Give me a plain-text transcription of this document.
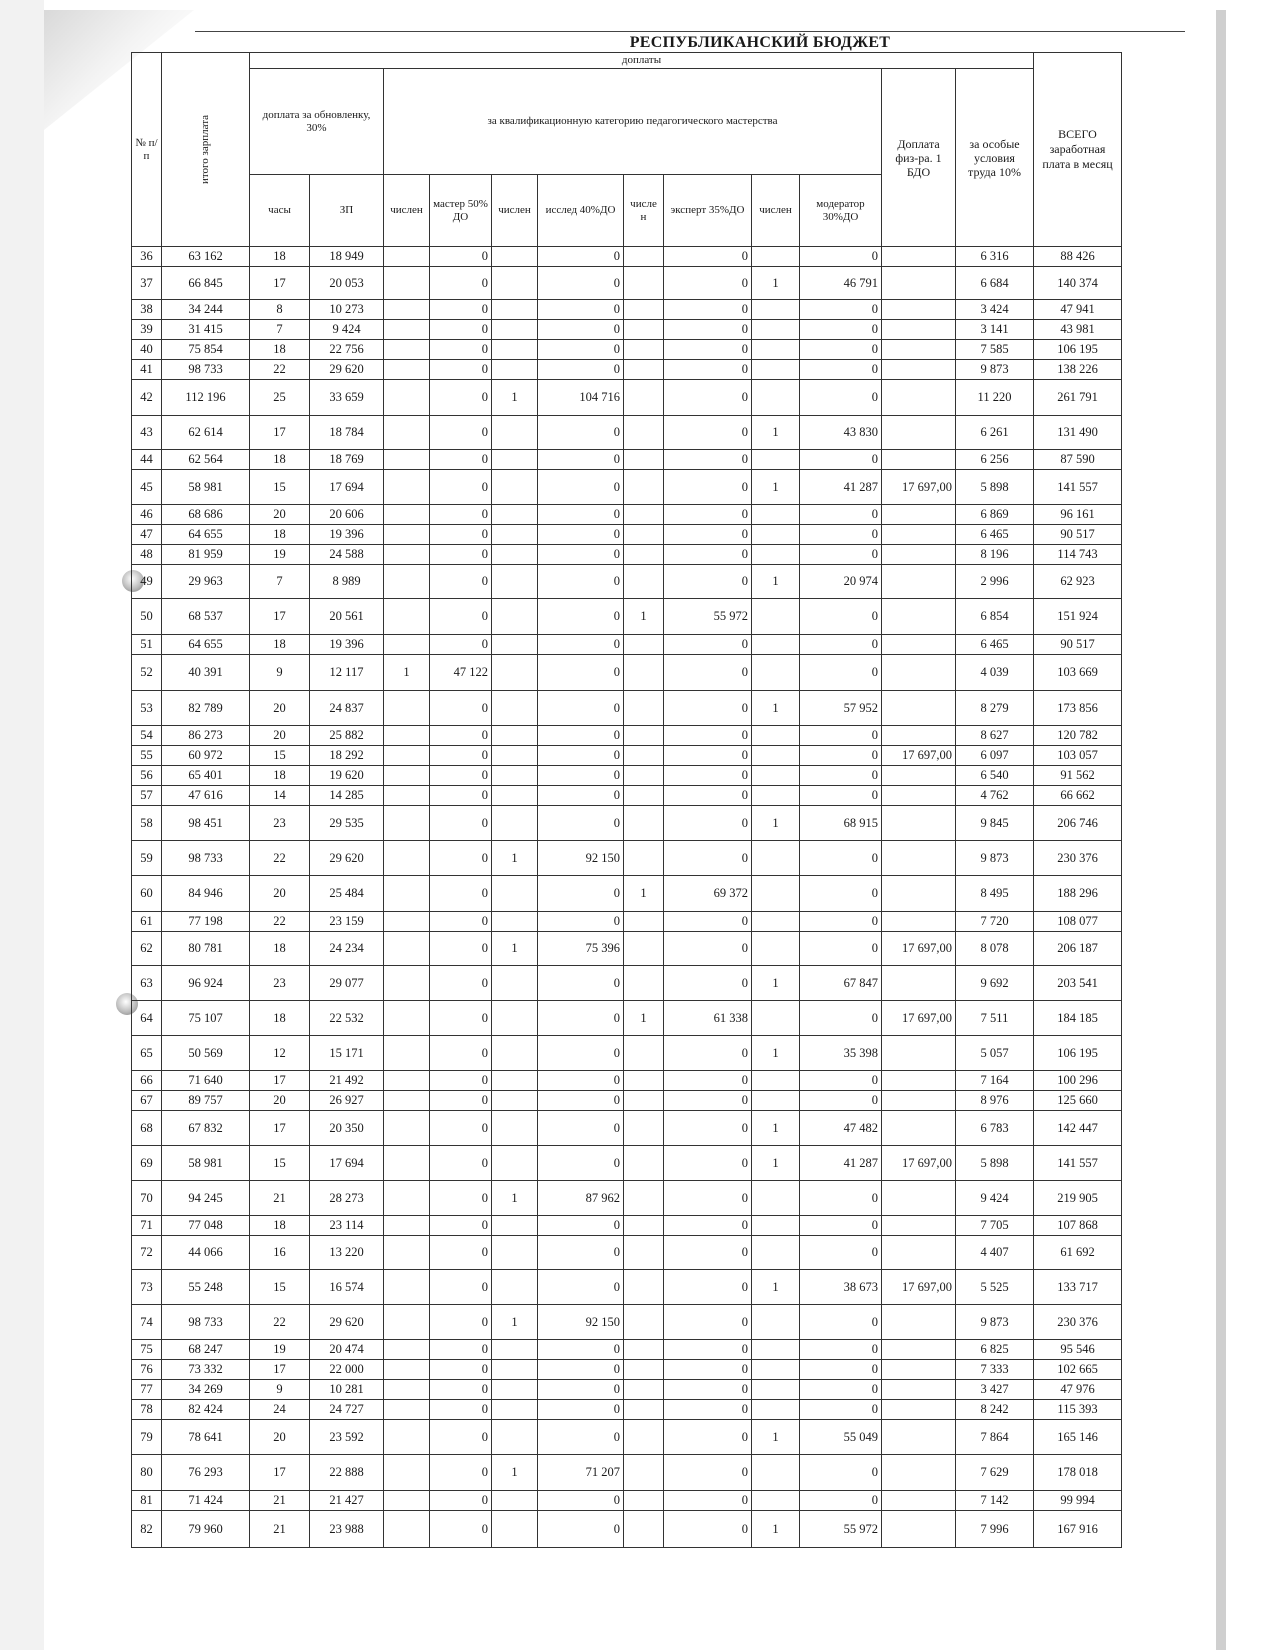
РЕСПУБЛИКАНСКИЙ БЮДЖЕТ
№ п/п	итого зарплата	доплаты												ВСЕГО заработная плата в месяц
		доплата за обновленку, 30%		за квалификационную категорию педагогического мастерства								Доплата физ-ра. 1 БДО	за особые условия труда 10%	
		часы	ЗП	числен	мастер 50% ДО	числен	исслед 40%ДО	числе н	эксперт 35%ДО	числен	модератор 30%ДО			
36	63 162	18	18 949		0		0		0		0		6 316	88 426
37	66 845	17	20 053		0		0		0	1	46 791		6 684	140 374
38	34 244	8	10 273		0		0		0		0		3 424	47 941
39	31 415	7	9 424		0		0		0		0		3 141	43 981
40	75 854	18	22 756		0		0		0		0		7 585	106 195
41	98 733	22	29 620		0		0		0		0		9 873	138 226
42	112 196	25	33 659		0	1	104 716		0		0		11 220	261 791
43	62 614	17	18 784		0		0		0	1	43 830		6 261	131 490
44	62 564	18	18 769		0		0		0		0		6 256	87 590
45	58 981	15	17 694		0		0		0	1	41 287	17 697,00	5 898	141 557
46	68 686	20	20 606		0		0		0		0		6 869	96 161
47	64 655	18	19 396		0		0		0		0		6 465	90 517
48	81 959	19	24 588		0		0		0		0		8 196	114 743
49	29 963	7	8 989		0		0		0	1	20 974		2 996	62 923
50	68 537	17	20 561		0		0	1	55 972		0		6 854	151 924
51	64 655	18	19 396		0		0		0		0		6 465	90 517
52	40 391	9	12 117	1	47 122		0		0		0		4 039	103 669
53	82 789	20	24 837		0		0		0	1	57 952		8 279	173 856
54	86 273	20	25 882		0		0		0		0		8 627	120 782
55	60 972	15	18 292		0		0		0		0	17 697,00	6 097	103 057
56	65 401	18	19 620		0		0		0		0		6 540	91 562
57	47 616	14	14 285		0		0		0		0		4 762	66 662
58	98 451	23	29 535		0		0		0	1	68 915		9 845	206 746
59	98 733	22	29 620		0	1	92 150		0		0		9 873	230 376
60	84 946	20	25 484		0		0	1	69 372		0		8 495	188 296
61	77 198	22	23 159		0		0		0		0		7 720	108 077
62	80 781	18	24 234		0	1	75 396		0		0	17 697,00	8 078	206 187
63	96 924	23	29 077		0		0		0	1	67 847		9 692	203 541
64	75 107	18	22 532		0		0	1	61 338		0	17 697,00	7 511	184 185
65	50 569	12	15 171		0		0		0	1	35 398		5 057	106 195
66	71 640	17	21 492		0		0		0		0		7 164	100 296
67	89 757	20	26 927		0		0		0		0		8 976	125 660
68	67 832	17	20 350		0		0		0	1	47 482		6 783	142 447
69	58 981	15	17 694		0		0		0	1	41 287	17 697,00	5 898	141 557
70	94 245	21	28 273		0	1	87 962		0		0		9 424	219 905
71	77 048	18	23 114		0		0		0		0		7 705	107 868
72	44 066	16	13 220		0		0		0		0		4 407	61 692
73	55 248	15	16 574		0		0		0	1	38 673	17 697,00	5 525	133 717
74	98 733	22	29 620		0	1	92 150		0		0		9 873	230 376
75	68 247	19	20 474		0		0		0		0		6 825	95 546
76	73 332	17	22 000		0		0		0		0		7 333	102 665
77	34 269	9	10 281		0		0		0		0		3 427	47 976
78	82 424	24	24 727		0		0		0		0		8 242	115 393
79	78 641	20	23 592		0		0		0	1	55 049		7 864	165 146
80	76 293	17	22 888		0	1	71 207		0		0		7 629	178 018
81	71 424	21	21 427		0		0		0		0		7 142	99 994
82	79 960	21	23 988		0		0		0	1	55 972		7 996	167 916
